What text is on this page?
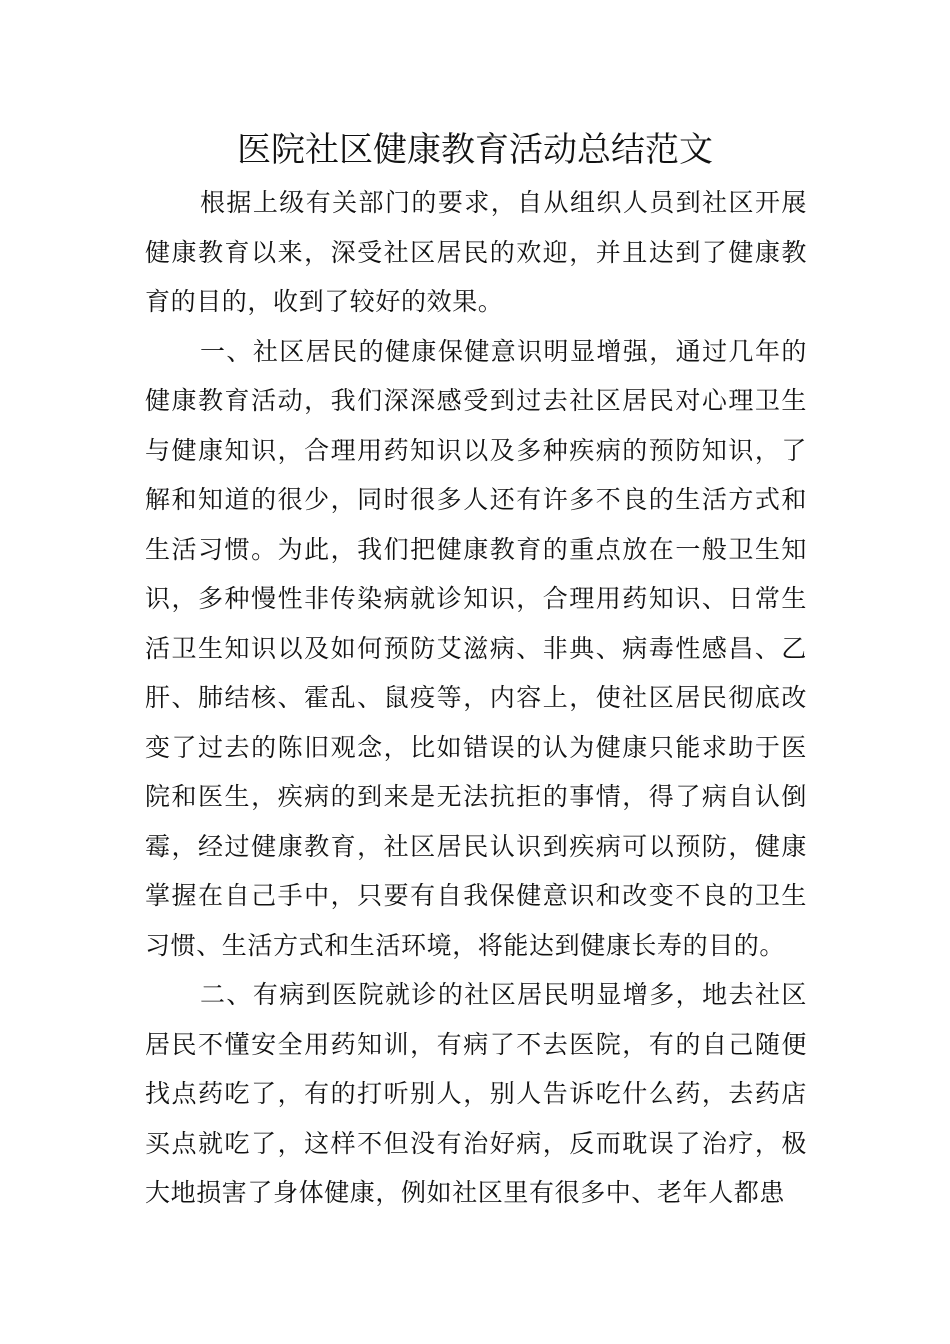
医院社区健康教育活动总结范文

根据上级有关部门的要求，自从组织人员到社区开展健康教育以来，深受社区居民的欢迎，并且达到了健康教育的目的，收到了较好的效果。

一、社区居民的健康保健意识明显增强，通过几年的健康教育活动，我们深深感受到过去社区居民对心理卫生与健康知识，合理用药知识以及多种疾病的预防知识，了解和知道的很少，同时很多人还有许多不良的生活方式和生活习惯。为此，我们把健康教育的重点放在一般卫生知识，多种慢性非传染病就诊知识，合理用药知识、日常生活卫生知识以及如何预防艾滋病、非典、病毒性感昌、乙肝、肺结核、霍乱、鼠疫等，内容上，使社区居民彻底改变了过去的陈旧观念，比如错误的认为健康只能求助于医院和医生，疾病的到来是无法抗拒的事情，得了病自认倒霉，经过健康教育，社区居民认识到疾病可以预防，健康掌握在自己手中，只要有自我保健意识和改变不良的卫生习惯、生活方式和生活环境，将能达到健康长寿的目的。

二、有病到医院就诊的社区居民明显增多，地去社区居民不懂安全用药知训，有病了不去医院，有的自己随便找点药吃了，有的打听别人，别人告诉吃什么药，去药店买点就吃了，这样不但没有治好病，反而耽误了治疗，极大地损害了身体健康，例如社区里有很多中、老年人都患
